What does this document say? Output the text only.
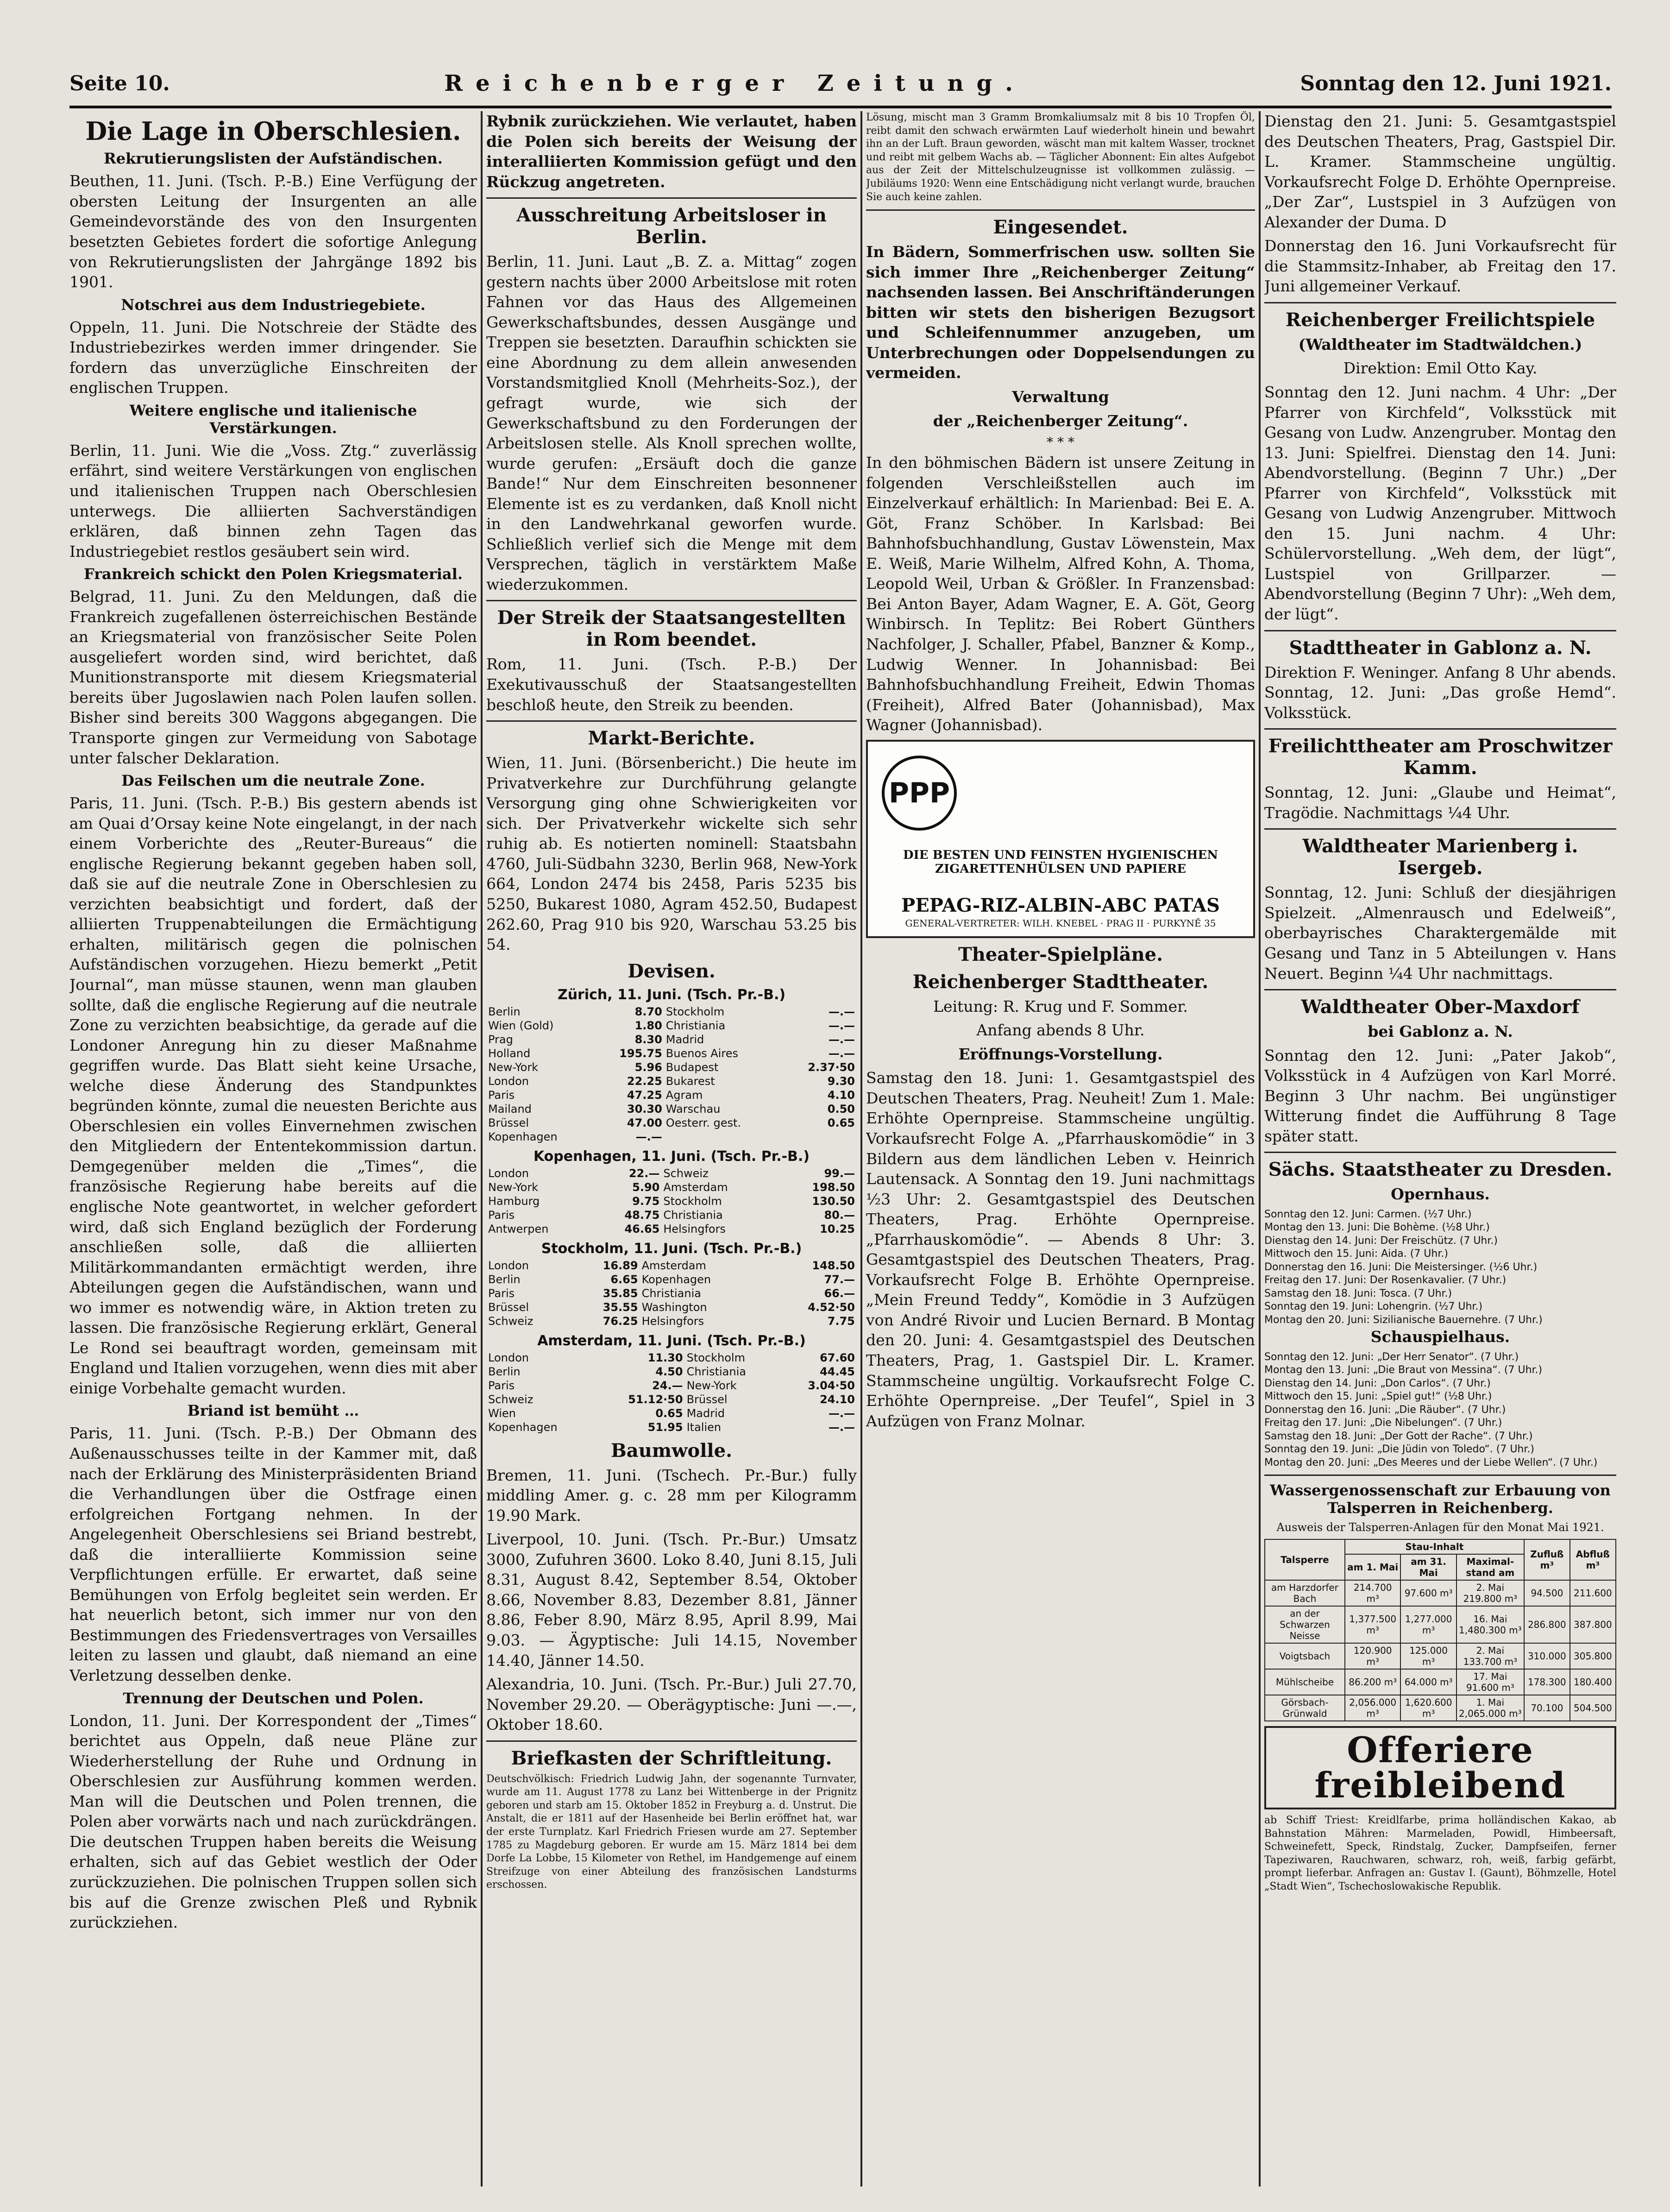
Seite 10.	Reichenberger Zeitung.	Sonntag den 12. Juni 1921.
Die Lage in Oberschlesien.
Rekrutierungslisten der Aufständischen.

Beuthen, 11. Juni. (Tsch. P.-B.) Eine Verfügung der obersten Leitung der Insurgenten an alle Gemeindevorstände des von den Insurgenten besetzten Gebietes fordert die sofortige Anlegung von Rekrutierungslisten der Jahrgänge 1892 bis 1901.

Notschrei aus dem Industriegebiete.

Oppeln, 11. Juni. Die Notschreie der Städte des Industriebezirkes werden immer dringender. Sie fordern das unverzügliche Einschreiten der englischen Truppen.

Weitere englische und italienische Verstärkungen.

Berlin, 11. Juni. Wie die „Voss. Ztg.“ zuverlässig erfährt, sind weitere Verstärkungen von englischen und italienischen Truppen nach Oberschlesien unterwegs. Die alliierten Sachverständigen erklären, daß binnen zehn Tagen das Industriegebiet restlos gesäubert sein wird.

Frankreich schickt den Polen Kriegsmaterial.

Belgrad, 11. Juni. Zu den Meldungen, daß die Frankreich zugefallenen österreichischen Bestände an Kriegsmaterial von französischer Seite Polen ausgeliefert worden sind, wird berichtet, daß Munitionstransporte mit diesem Kriegsmaterial bereits über Jugoslawien nach Polen laufen sollen. Bisher sind bereits 300 Waggons abgegangen. Die Transporte gingen zur Vermeidung von Sabotage unter falscher Deklaration.

Das Feilschen um die neutrale Zone.

Paris, 11. Juni. (Tsch. P.-B.) Bis gestern abends ist am Quai d’Orsay keine Note eingelangt, in der nach einem Vorberichte des „Reuter-Bureaus“ die englische Regierung bekannt gegeben haben soll, daß sie auf die neutrale Zone in Oberschlesien zu verzichten beabsichtigt und fordert, daß der alliierten Truppenabteilungen die Ermächtigung erhalten, militärisch gegen die polnischen Aufständischen vorzugehen. Hiezu bemerkt „Petit Journal“, man müsse staunen, wenn man glauben sollte, daß die englische Regierung auf die neutrale Zone zu verzichten beabsichtige, da gerade auf die Londoner Anregung hin zu dieser Maßnahme gegriffen wurde. Das Blatt sieht keine Ursache, welche diese Änderung des Standpunktes begründen könnte, zumal die neuesten Berichte aus Oberschlesien ein volles Einvernehmen zwischen den Mitgliedern der Ententekommission dartun. Demgegenüber melden die „Times“, die französische Regierung habe bereits auf die englische Note geantwortet, in welcher gefordert wird, daß sich England bezüglich der Forderung anschließen solle, daß die alliierten Militärkommandanten ermächtigt werden, ihre Abteilungen gegen die Aufständischen, wann und wo immer es notwendig wäre, in Aktion treten zu lassen. Die französische Regierung erklärt, General Le Rond sei beauftragt worden, gemeinsam mit England und Italien vorzugehen, wenn dies mit aber einige Vorbehalte gemacht wurden.

Briand ist bemüht …

Paris, 11. Juni. (Tsch. P.-B.) Der Obmann des Außenausschusses teilte in der Kammer mit, daß nach der Erklärung des Ministerpräsidenten Briand die Verhandlungen über die Ostfrage einen erfolgreichen Fortgang nehmen. In der Angelegenheit Oberschlesiens sei Briand bestrebt, daß die interalliierte Kommission seine Verpflichtungen erfülle. Er erwartet, daß seine Bemühungen von Erfolg begleitet sein werden. Er hat neuerlich betont, sich immer nur von den Bestimmungen des Friedensvertrages von Versailles leiten zu lassen und glaubt, daß niemand an eine Verletzung desselben denke.

Trennung der Deutschen und Polen.

London, 11. Juni. Der Korrespondent der „Times“ berichtet aus Oppeln, daß neue Pläne zur Wiederherstellung der Ruhe und Ordnung in Oberschlesien zur Ausführung kommen werden. Man will die Deutschen und Polen trennen, die Polen aber vorwärts nach und nach zurückdrängen. Die deutschen Truppen haben bereits die Weisung erhalten, sich auf das Gebiet westlich der Oder zurückzuziehen. Die polnischen Truppen sollen sich bis auf die Grenze zwischen Pleß und Rybnik zurückziehen.

Rybnik zurückziehen. Wie verlautet, haben die Polen sich bereits der Weisung der interalliierten Kommission gefügt und den Rückzug angetreten.

Ausschreitung Arbeitsloser in Berlin.

Berlin, 11. Juni. Laut „B. Z. a. Mittag“ zogen gestern nachts über 2000 Arbeitslose mit roten Fahnen vor das Haus des Allgemeinen Gewerkschaftsbundes, dessen Ausgänge und Treppen sie besetzten. Daraufhin schickten sie eine Abordnung zu dem allein anwesenden Vorstandsmitglied Knoll (Mehrheits-Soz.), der gefragt wurde, wie sich der Gewerkschaftsbund zu den Forderungen der Arbeitslosen stelle. Als Knoll sprechen wollte, wurde gerufen: „Ersäuft doch die ganze Bande!“ Nur dem Einschreiten besonnener Elemente ist es zu verdanken, daß Knoll nicht in den Landwehrkanal geworfen wurde. Schließlich verlief sich die Menge mit dem Versprechen, täglich in verstärktem Maße wiederzukommen.

Der Streik der Staatsangestellten in Rom beendet.

Rom, 11. Juni. (Tsch. P.-B.) Der Exekutivausschuß der Staatsangestellten beschloß heute, den Streik zu beenden.

Markt-Berichte.

Wien, 11. Juni. (Börsenbericht.) Die heute im Privatverkehre zur Durchführung gelangte Versorgung ging ohne Schwierigkeiten vor sich. Der Privatverkehr wickelte sich sehr ruhig ab. Es notierten nominell: Staatsbahn 4760, Juli-Südbahn 3230, Berlin 968, New-York 664, London 2474 bis 2458, Paris 5235 bis 5250, Bukarest 1080, Agram 452.50, Budapest 262.60, Prag 910 bis 920, Warschau 53.25 bis 54.

Devisen.
Zürich, 11. Juni. (Tsch. Pr.-B.)
Berlin	8.70	Stockholm	—.—
Wien (Gold)	1.80	Christiania	—.—
Prag	8.30	Madrid	—.—
Holland	195.75	Buenos Aires	—.—
New-York	5.96	Budapest	2.37·50
London	22.25	Bukarest	9.30
Paris	47.25	Agram	4.10
Mailand	30.30	Warschau	0.50
Brüssel	47.00	Oesterr. gest.	0.65
Kopenhagen	—.—		
Kopenhagen, 11. Juni. (Tsch. Pr.-B.)
London	22.—	Schweiz	99.—
New-York	5.90	Amsterdam	198.50
Hamburg	9.75	Stockholm	130.50
Paris	48.75	Christiania	80.—
Antwerpen	46.65	Helsingfors	10.25
Stockholm, 11. Juni. (Tsch. Pr.-B.)
London	16.89	Amsterdam	148.50
Berlin	6.65	Kopenhagen	77.—
Paris	35.85	Christiania	66.—
Brüssel	35.55	Washington	4.52·50
Schweiz	76.25	Helsingfors	7.75
Amsterdam, 11. Juni. (Tsch. Pr.-B.)
London	11.30	Stockholm	67.60
Berlin	4.50	Christiania	44.45
Paris	24.—	New-York	3.04·50
Schweiz	51.12·50	Brüssel	24.10
Wien	0.65	Madrid	—.—
Kopenhagen	51.95	Italien	—.—
Baumwolle.

Bremen, 11. Juni. (Tschech. Pr.-Bur.) fully middling Amer. g. c. 28 mm per Kilogramm 19.90 Mark.

Liverpool, 10. Juni. (Tsch. Pr.-Bur.) Umsatz 3000, Zufuhren 3600. Loko 8.40, Juni 8.15, Juli 8.31, August 8.42, September 8.54, Oktober 8.66, November 8.83, Dezember 8.81, Jänner 8.86, Feber 8.90, März 8.95, April 8.99, Mai 9.03. — Ägyptische: Juli 14.15, November 14.40, Jänner 14.50.

Alexandria, 10. Juni. (Tsch. Pr.-Bur.) Juli 27.70, November 29.20. — Oberägyptische: Juni —.—, Oktober 18.60.

Briefkasten der Schriftleitung.

Deutschvölkisch: Friedrich Ludwig Jahn, der sogenannte Turnvater, wurde am 11. August 1778 zu Lanz bei Wittenberge in der Prignitz geboren und starb am 15. Oktober 1852 in Freyburg a. d. Unstrut. Die Anstalt, die er 1811 auf der Hasenheide bei Berlin eröffnet hat, war der erste Turnplatz. Karl Friedrich Friesen wurde am 27. September 1785 zu Magdeburg geboren. Er wurde am 15. März 1814 bei dem Dorfe La Lobbe, 15 Kilometer von Rethel, im Handgemenge auf einem Streifzuge von einer Abteilung des französischen Landsturms erschossen.

Lösung, mischt man 3 Gramm Bromkaliumsalz mit 8 bis 10 Tropfen Öl, reibt damit den schwach erwärmten Lauf wiederholt hinein und bewahrt ihn an der Luft. Braun geworden, wäscht man mit kaltem Wasser, trocknet und reibt mit gelbem Wachs ab. — Täglicher Abonnent: Ein altes Aufgebot aus der Zeit der Mittelschulzeugnisse ist vollkommen zulässig. — Jubiläums 1920: Wenn eine Entschädigung nicht verlangt wurde, brauchen Sie auch keine zahlen.

Eingesendet.

In Bädern, Sommerfrischen usw. sollten Sie sich immer Ihre „Reichenberger Zeitung“ nachsenden lassen. Bei Anschriftänderungen bitten wir stets den bisherigen Bezugsort und Schleifennummer anzugeben, um Unterbrechungen oder Doppelsendungen zu vermeiden.

Verwaltung

der „Reichenberger Zeitung“.

* * *

In den böhmischen Bädern ist unsere Zeitung in folgenden Verschleißstellen auch im Einzelverkauf erhältlich: In Marienbad: Bei E. A. Göt, Franz Schöber. In Karlsbad: Bei Bahnhofsbuchhandlung, Gustav Löwenstein, Max E. Weiß, Marie Wilhelm, Alfred Kohn, A. Thoma, Leopold Weil, Urban & Größler. In Franzensbad: Bei Anton Bayer, Adam Wagner, E. A. Göt, Georg Winbirsch. In Teplitz: Bei Robert Günthers Nachfolger, J. Schaller, Pfabel, Banzner & Komp., Ludwig Wenner. In Johannisbad: Bei Bahnhofsbuchhandlung Freiheit, Edwin Thomas (Freiheit), Alfred Bater (Johannisbad), Max Wagner (Johannisbad).

PPP
DIE BESTEN UND FEINSTEN HYGIENISCHEN ZIGARETTENHÜLSEN UND PAPIERE
PEPAG-RIZ-ALBIN-ABC PATAS
GENERAL-VERTRETER: WILH. KNEBEL · PRAG II · PURKYNĚ 35
Theater-Spielpläne.
Reichenberger Stadttheater.

Leitung: R. Krug und F. Sommer.

Anfang abends 8 Uhr.

Eröffnungs-Vorstellung.

Samstag den 18. Juni: 1. Gesamtgastspiel des Deutschen Theaters, Prag. Neuheit! Zum 1. Male: Erhöhte Opernpreise. Stammscheine ungültig. Vorkaufsrecht Folge A. „Pfarrhauskomödie“ in 3 Bildern aus dem ländlichen Leben v. Heinrich Lautensack. A Sonntag den 19. Juni nachmittags ½3 Uhr: 2. Gesamtgastspiel des Deutschen Theaters, Prag. Erhöhte Opernpreise. „Pfarrhauskomödie“. — Abends 8 Uhr: 3. Gesamtgastspiel des Deutschen Theaters, Prag. Vorkaufsrecht Folge B. Erhöhte Opernpreise. „Mein Freund Teddy“, Komödie in 3 Aufzügen von André Rivoir und Lucien Bernard. B Montag den 20. Juni: 4. Gesamtgastspiel des Deutschen Theaters, Prag, 1. Gastspiel Dir. L. Kramer. Stammscheine ungültig. Vorkaufsrecht Folge C. Erhöhte Opernpreise. „Der Teufel“, Spiel in 3 Aufzügen von Franz Molnar.

Dienstag den 21. Juni: 5. Gesamtgastspiel des Deutschen Theaters, Prag, Gastspiel Dir. L. Kramer. Stammscheine ungültig. Vorkaufsrecht Folge D. Erhöhte Opernpreise. „Der Zar“, Lustspiel in 3 Aufzügen von Alexander der Duma. D

Donnerstag den 16. Juni Vorkaufsrecht für die Stammsitz-Inhaber, ab Freitag den 17. Juni allgemeiner Verkauf.

Reichenberger Freilichtspiele

(Waldtheater im Stadtwäldchen.)

Direktion: Emil Otto Kay.

Sonntag den 12. Juni nachm. 4 Uhr: „Der Pfarrer von Kirchfeld“, Volksstück mit Gesang von Ludw. Anzengruber. Montag den 13. Juni: Spielfrei. Dienstag den 14. Juni: Abendvorstellung. (Beginn 7 Uhr.) „Der Pfarrer von Kirchfeld“, Volksstück mit Gesang von Ludwig Anzengruber. Mittwoch den 15. Juni nachm. 4 Uhr: Schülervorstellung. „Weh dem, der lügt“, Lustspiel von Grillparzer. — Abendvorstellung (Beginn 7 Uhr): „Weh dem, der lügt“.

Stadttheater in Gablonz a. N.

Direktion F. Weninger. Anfang 8 Uhr abends. Sonntag, 12. Juni: „Das große Hemd“. Volksstück.

Freilichttheater am Proschwitzer Kamm.

Sonntag, 12. Juni: „Glaube und Heimat“, Tragödie. Nachmittags ¼4 Uhr.

Waldtheater Marienberg i. Isergeb.

Sonntag, 12. Juni: Schluß der diesjährigen Spielzeit. „Almenrausch und Edelweiß“, oberbayrisches Charaktergemälde mit Gesang und Tanz in 5 Abteilungen v. Hans Neuert. Beginn ¼4 Uhr nachmittags.

Waldtheater Ober-Maxdorf

bei Gablonz a. N.

Sonntag den 12. Juni: „Pater Jakob“, Volksstück in 4 Aufzügen von Karl Morré. Beginn 3 Uhr nachm. Bei ungünstiger Witterung findet die Aufführung 8 Tage später statt.

Sächs. Staatstheater zu Dresden.

Opernhaus.

Sonntag den 12. Juni: Carmen. (½7 Uhr.)
Montag den 13. Juni: Die Bohème. (½8 Uhr.)
Dienstag den 14. Juni: Der Freischütz. (7 Uhr.)
Mittwoch den 15. Juni: Aida. (7 Uhr.)
Donnerstag den 16. Juni: Die Meistersinger. (½6 Uhr.)
Freitag den 17. Juni: Der Rosenkavalier. (7 Uhr.)
Samstag den 18. Juni: Tosca. (7 Uhr.)
Sonntag den 19. Juni: Lohengrin. (½7 Uhr.)
Montag den 20. Juni: Sizilianische Bauernehre. (7 Uhr.)

Schauspielhaus.

Sonntag den 12. Juni: „Der Herr Senator“. (7 Uhr.)
Montag den 13. Juni: „Die Braut von Messina“. (7 Uhr.)
Dienstag den 14. Juni: „Don Carlos“. (7 Uhr.)
Mittwoch den 15. Juni: „Spiel gut!“ (½8 Uhr.)
Donnerstag den 16. Juni: „Die Räuber“. (7 Uhr.)
Freitag den 17. Juni: „Die Nibelungen“. (7 Uhr.)
Samstag den 18. Juni: „Der Gott der Rache“. (7 Uhr.)
Sonntag den 19. Juni: „Die Jüdin von Toledo“. (7 Uhr.)
Montag den 20. Juni: „Des Meeres und der Liebe Wellen“. (7 Uhr.)
Wassergenossenschaft zur Erbauung von Talsperren in Reichenberg.

Ausweis der Talsperren-Anlagen für den Monat Mai 1921.

Talsperre	Stau-Inhalt			Zufluß m³	Abfluß m³
	am 1. Mai	am 31. Mai	Maximal-stand am		
am Harzdorfer Bach	214.700 m³	97.600 m³	2. Mai 219.800 m³	94.500	211.600
an der Schwarzen Neisse	1,377.500 m³	1,277.000 m³	16. Mai 1,480.300 m³	286.800	387.800
Voigtsbach	120.900 m³	125.000 m³	2. Mai 133.700 m³	310.000	305.800
Mühlscheibe	86.200 m³	64.000 m³	17. Mai 91.600 m³	178.300	180.400
Görsbach-Grünwald	2,056.000 m³	1,620.600 m³	1. Mai 2,065.000 m³	70.100	504.500
Offeriere freibleibend

ab Schiff Triest: Kreidlfarbe, prima holländischen Kakao, ab Bahnstation Mähren: Marmeladen, Powidl, Himbeersaft, Schweinefett, Speck, Rindstalg, Zucker, Dampfseifen, ferner Tapeziwaren, Rauchwaren, schwarz, roh, weiß, farbig gefärbt, prompt lieferbar. Anfragen an: Gustav I. (Gaunt), Böhmzelle, Hotel „Stadt Wien“, Tschechoslowakische Republik.
